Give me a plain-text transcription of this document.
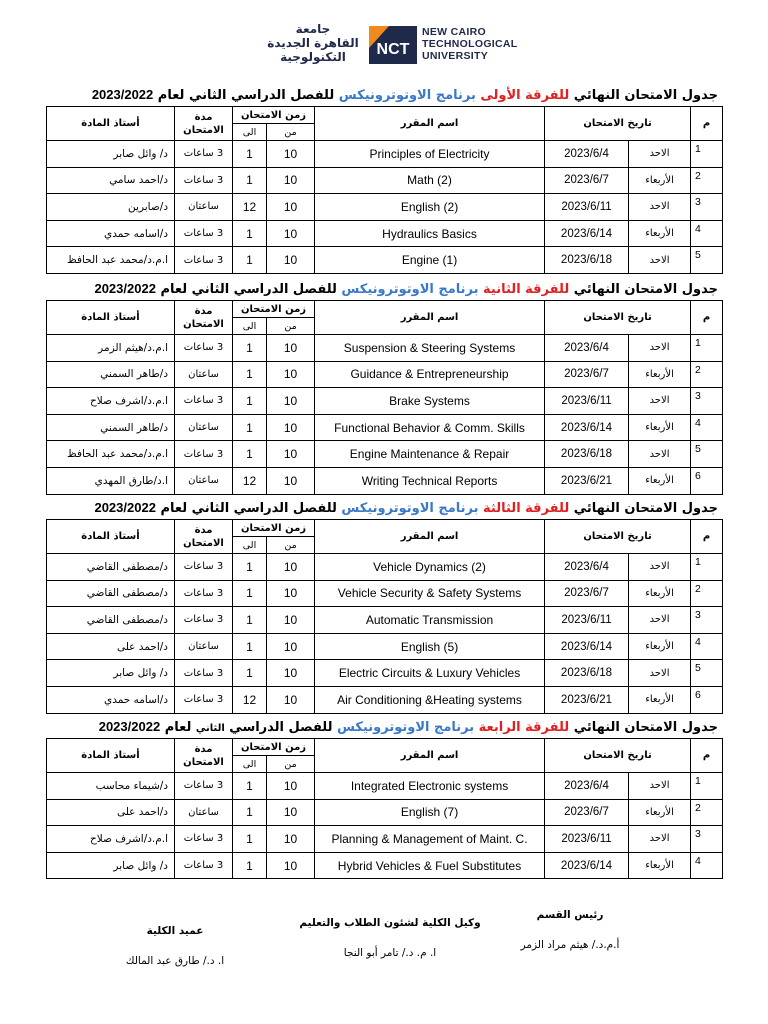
جامعة
القاهرة الجديدة
التكنولوجية	NCT
NEW CAIRO
TECHNOLOGICAL
UNIVERSITY
جدول الامتحان النهائي للفرقة الأولى برنامج الاوتوترونيكس للفصل الدراسي الثاني لعام 2023/2022
أستاذ المادة	مدة الامتحان	زمن الامتحان		اسم المقرر	تاريخ الامتحان		م
		الى	من				
د/ وائل صابر	3 ساعات	1	10	Principles of Electricity	2023/6/4	الاحد	1
د/احمد سامي	3 ساعات	1	10	Math (2)	2023/6/7	الأربعاء	2
د/صابرين	ساعتان	12	10	English (2)	2023/6/11	الاحد	3
د/اسامه حمدي	3 ساعات	1	10	Hydraulics Basics	2023/6/14	الأربعاء	4
ا.م.د/محمد عبد الحافظ	3 ساعات	1	10	Engine (1)	2023/6/18	الاحد	5
جدول الامتحان النهائي للفرقة الثانية برنامج الاوتوترونيكس للفصل الدراسي الثاني لعام 2023/2022
أستاذ المادة	مدة الامتحان	زمن الامتحان		اسم المقرر	تاريخ الامتحان		م
		الى	من				
ا.م.د/هيثم الزمر	3 ساعات	1	10	Suspension & Steering Systems	2023/6/4	الاحد	1
د/طاهر السمني	ساعتان	1	10	Guidance & Entrepreneurship	2023/6/7	الأربعاء	2
ا.م.د/اشرف صلاح	3 ساعات	1	10	Brake Systems	2023/6/11	الاحد	3
د/طاهر السمني	ساعتان	1	10	Functional Behavior & Comm. Skills	2023/6/14	الأربعاء	4
ا.م.د/محمد عبد الحافظ	3 ساعات	1	10	Engine Maintenance & Repair	2023/6/18	الاحد	5
ا.د/طارق المهدي	ساعتان	12	10	Writing Technical Reports	2023/6/21	الأربعاء	6
جدول الامتحان النهائي للفرقة الثالثة برنامج الاوتوترونيكس للفصل الدراسي الثاني لعام 2023/2022
أستاذ المادة	مدة الامتحان	زمن الامتحان		اسم المقرر	تاريخ الامتحان		م
		الى	من				
د/مصطفى القاضي	3 ساعات	1	10	Vehicle Dynamics (2)	2023/6/4	الاحد	1
د/مصطفى القاضي	3 ساعات	1	10	Vehicle Security & Safety Systems	2023/6/7	الأربعاء	2
د/مصطفى القاضي	3 ساعات	1	10	Automatic Transmission	2023/6/11	الاحد	3
د/احمد على	ساعتان	1	10	English (5)	2023/6/14	الأربعاء	4
د/ وائل صابر	3 ساعات	1	10	Electric Circuits & Luxury Vehicles	2023/6/18	الاحد	5
د/اسامه حمدي	3 ساعات	12	10	Air Conditioning &Heating systems	2023/6/21	الأربعاء	6
جدول الامتحان النهائي للفرقة الرابعة برنامج الاوتوترونيكس للفصل الدراسي الثاني لعام 2023/2022
أستاذ المادة	مدة الامتحان	زمن الامتحان		اسم المقرر	تاريخ الامتحان		م
		الى	من				
د/شيماء محاسب	3 ساعات	1	10	Integrated Electronic systems	2023/6/4	الاحد	1
د/احمد على	ساعتان	1	10	English (7)	2023/6/7	الأربعاء	2
ا.م.د/اشرف صلاح	3 ساعات	1	10	Planning & Management of Maint. C.	2023/6/11	الاحد	3
د/ وائل صابر	3 ساعات	1	10	Hybrid Vehicles & Fuel Substitutes	2023/6/14	الأربعاء	4
رئيس القسم
أ.م.د./ هيثم مراد الزمر
وكيل الكلية لشئون الطلاب والتعليم
ا. م. د./ تامر أبو النجا
عميد الكلية
ا. د./ طارق عبد المالك
